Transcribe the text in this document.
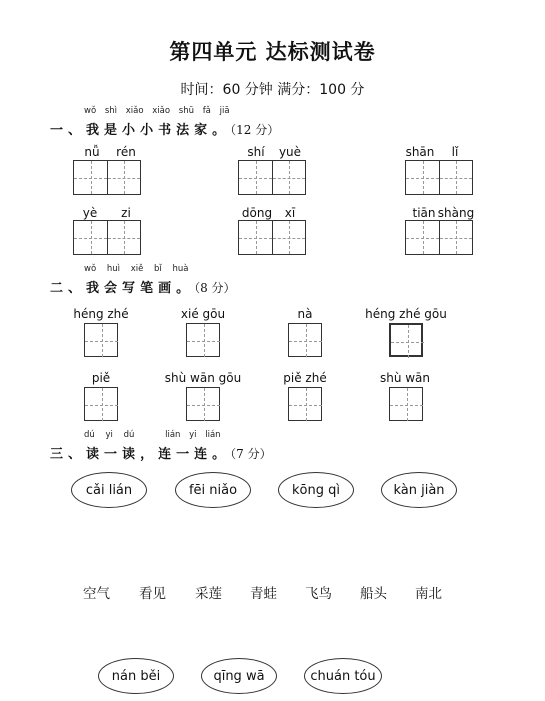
第四单元 达标测试卷
时间：60 分钟 满分：100 分
wǒ shì xiǎo xiǎo shū fǎ jiā
一、我是小小书法家。（12 分）
nǚ	rén	shí yuè	shān	lǐ
yè	zi	dōng	xī	tiān shàng
wǒ huì xiě bǐ huà
二、我会写笔画。（8 分）
héng zhé	xié gōu	nà	héng zhé gōu
piě	shù wān gōu	piě zhé	shù wān
dú yi dú	lián yi lián
三、读一读，连一连。（7 分）
cǎi lián	fēi niǎo	kōng qì	kàn jiàn
空气 看见 采莲 青蛙 飞鸟 船头 南北
nán běi	qīng wā	chuán tóu
